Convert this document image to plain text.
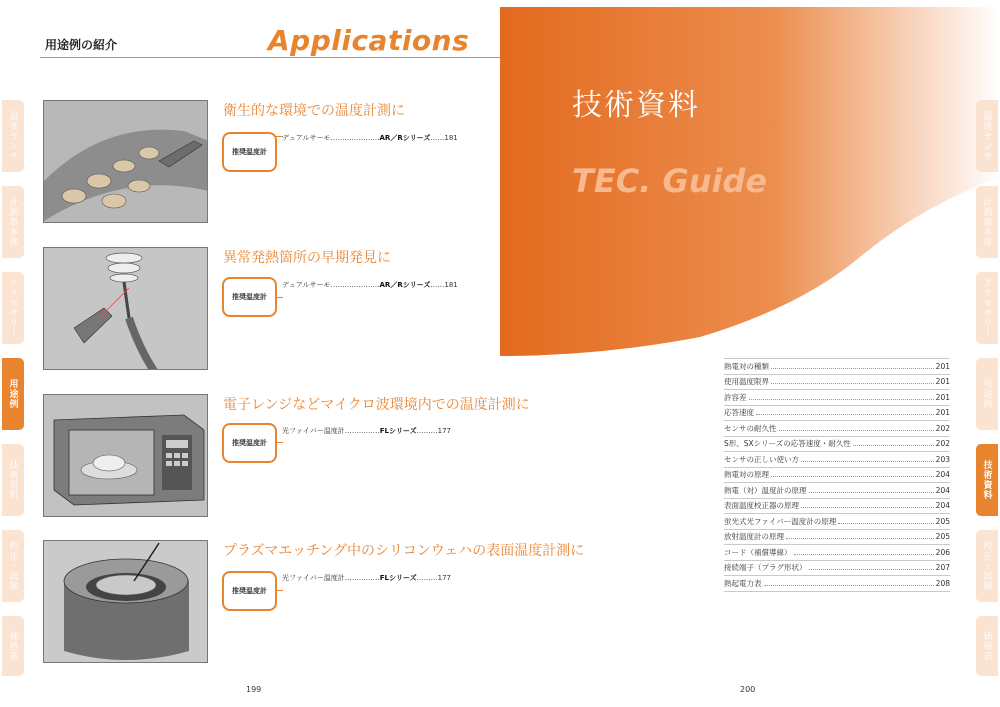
用途例の紹介	Applications
温度センサ
計測器本体
アクセサリー
用途例
技術資料
校正・試験
価格表
衛生的な環境での温度計測に
推奨温度計
デュアルサーモ…………………AR／Rシリーズ……181
異常発熱箇所の早期発見に
推奨温度計
デュアルサーモ…………………AR／Rシリーズ……181
電子レンジなどマイクロ波環境内での温度計測に
推奨温度計
光ファイバー温度計……………FLシリーズ………177
プラズマエッチング中のシリコンウェハの表面温度計測に
推奨温度計
光ファイバー温度計……………FLシリーズ………177
199
技術資料
TEC. Guide
熱電対の種類	201
使用温度限界	201
許容差	201
応答速度	201
センサの耐久性	202
S形、SXシリーズの応答速度・耐久性	202
センサの正しい使い方	203
熱電対の原理	204
熱電（対）温度計の原理	204
表面温度校正器の原理	204
蛍光式光ファイバー温度計の原理	205
放射温度計の原理	205
コード（補償導線）	206
接続端子（プラグ形状）	207
熱起電力表	208
温度センサ
計測器本体
アクセサリー
用途例
技術資料
校正・試験
価格表
200
